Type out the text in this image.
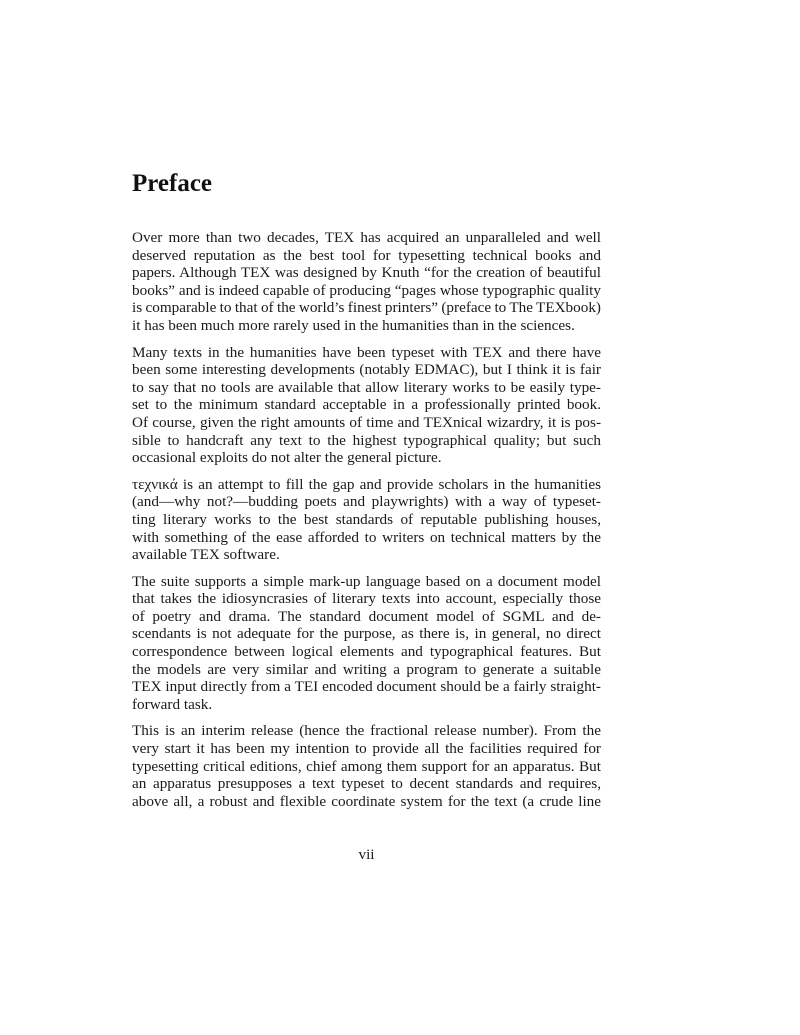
Preface
Over more than two decades, TEX has acquired an unparalleled and well
deserved reputation as the best tool for typesetting technical books and
papers. Although TEX was designed by Knuth “for the creation of beautiful
books” and is indeed capable of producing “pages whose typographic quality
is comparable to that of the world’s finest printers” (preface to The TEXbook)
it has been much more rarely used in the humanities than in the sciences.
Many texts in the humanities have been typeset with TEX and there have
been some interesting developments (notably EDMAC), but I think it is fair
to say that no tools are available that allow literary works to be easily type-
set to the minimum standard acceptable in a professionally printed book.
Of course, given the right amounts of time and TEXnical wizardry, it is pos-
sible to handcraft any text to the highest typographical quality; but such
occasional exploits do not alter the general picture.
τεχνικά is an attempt to fill the gap and provide scholars in the humanities
(and—why not?—budding poets and playwrights) with a way of typeset-
ting literary works to the best standards of reputable publishing houses,
with something of the ease afforded to writers on technical matters by the
available TEX software.
The suite supports a simple mark-up language based on a document model
that takes the idiosyncrasies of literary texts into account, especially those
of poetry and drama. The standard document model of SGML and de-
scendants is not adequate for the purpose, as there is, in general, no direct
correspondence between logical elements and typographical features. But
the models are very similar and writing a program to generate a suitable
TEX input directly from a TEI encoded document should be a fairly straight-
forward task.
This is an interim release (hence the fractional release number). From the
very start it has been my intention to provide all the facilities required for
typesetting critical editions, chief among them support for an apparatus. But
an apparatus presupposes a text typeset to decent standards and requires,
above all, a robust and flexible coordinate system for the text (a crude line
vii
